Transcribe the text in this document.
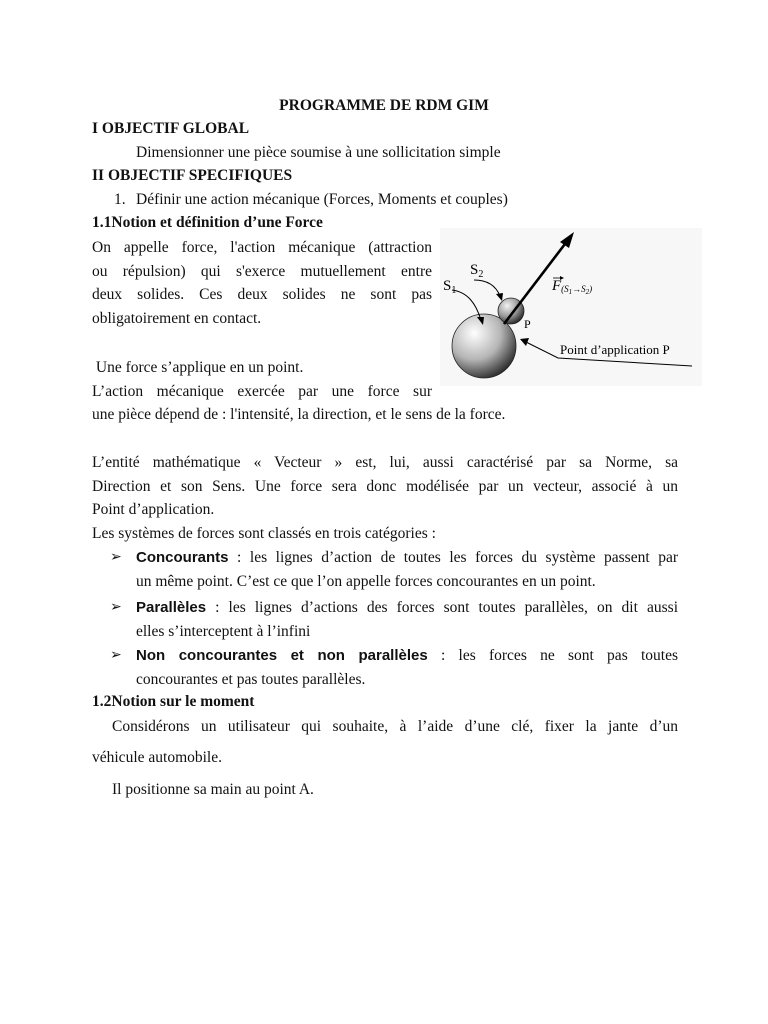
PROGRAMME DE RDM GIM
I OBJECTIF GLOBAL
Dimensionner une pièce soumise à une sollicitation simple
II OBJECTIF SPECIFIQUES
1. Définir une action mécanique (Forces, Moments et couples)
1.1Notion et définition d’une Force
On appelle force, l'action mécanique (attraction
ou répulsion) qui s'exerce mutuellement entre
deux solides. Ces deux solides ne sont pas
obligatoirement en contact.
Une force s’applique en un point.
L’action mécanique exercée par une force sur
une pièce dépend de : l'intensité, la direction, et le sens de la force.
L’entité mathématique « Vecteur » est, lui, aussi caractérisé par sa Norme, sa
Direction et son Sens. Une force sera donc modélisée par un vecteur, associé à un
Point d’application.
Les systèmes de forces sont classés en trois catégories :
➢ Concourants : les lignes d’action de toutes les forces du système passent par
un même point. C’est ce que l’on appelle forces concourantes en un point.
➢ Parallèles : les lignes d’actions des forces sont toutes parallèles, on dit aussi
elles s’interceptent à l’infini
➢ Non concourantes et non parallèles : les forces ne sont pas toutes
concourantes et pas toutes parallèles.
1.2Notion sur le moment
Considérons un utilisateur qui souhaite, à l’aide d’une clé, fixer la jante d’un
véhicule automobile.
Il positionne sa main au point A.
$S_1$
$S_2$
F(S1→S2)
P
Point d’application P
